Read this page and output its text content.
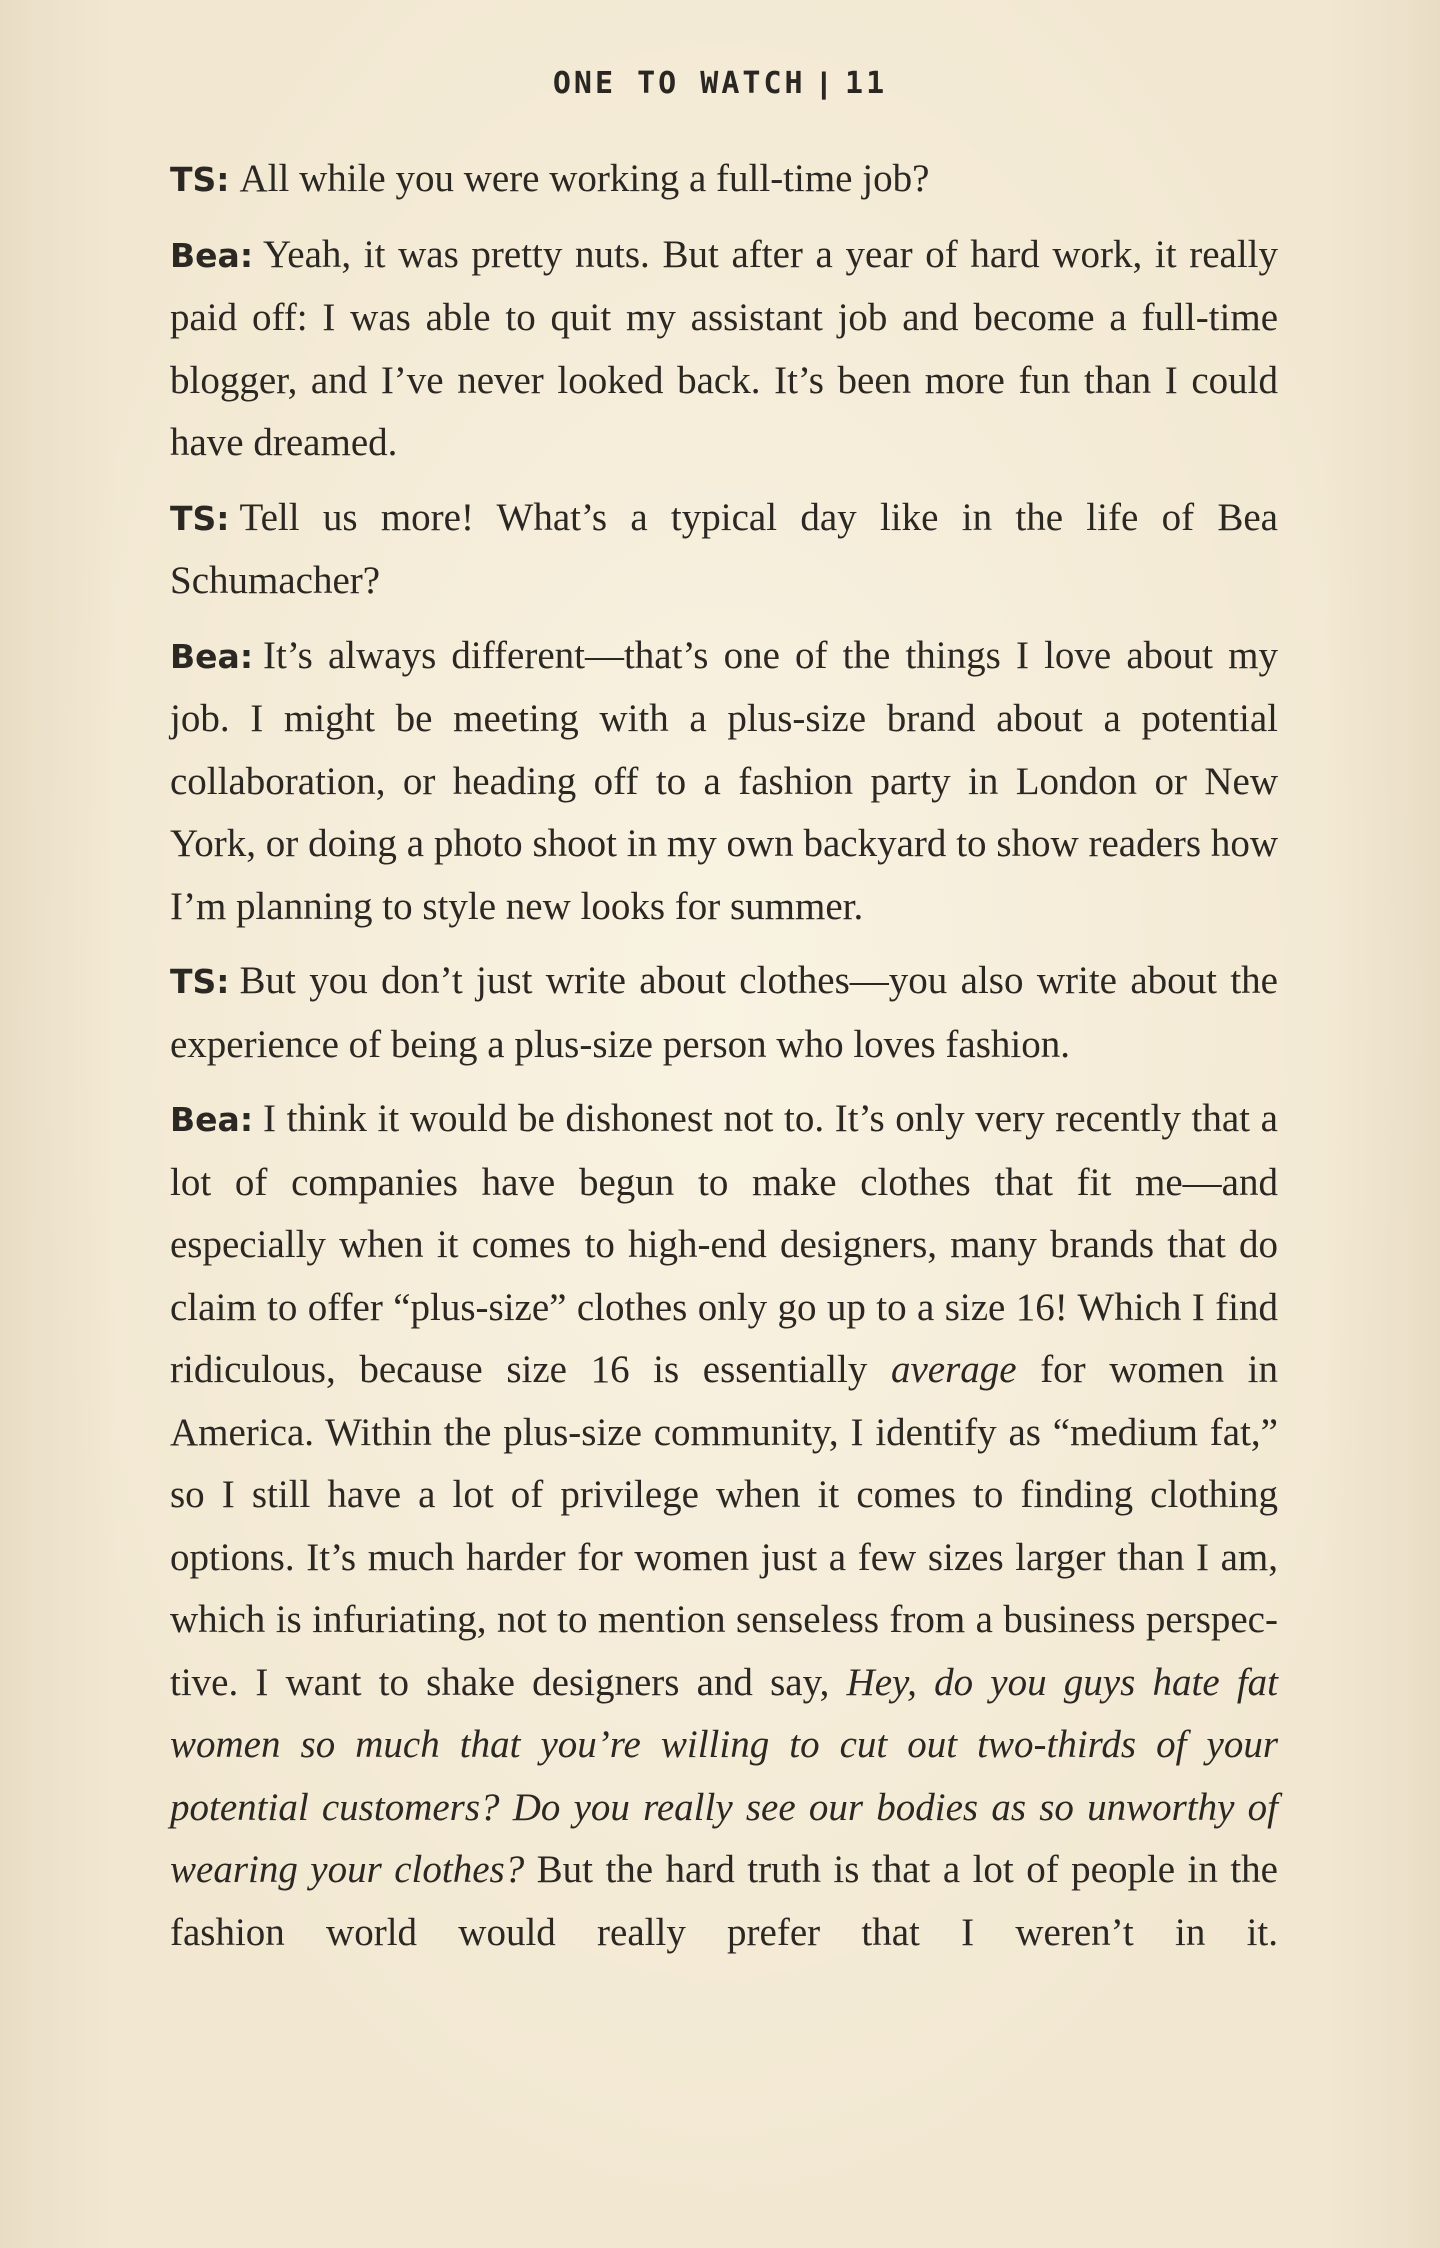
ONE TO WATCH | 11

TS: All while you were working a full-time job?

Bea: Yeah, it was pretty nuts. But after a year of hard work, it really paid off: I was able to quit my assistant job and become a full-time blogger, and I’ve never looked back. It’s been more fun than I could have dreamed.

TS: Tell us more! What’s a typical day like in the life of Bea Schumacher?

Bea: It’s always different—that’s one of the things I love about my job. I might be meeting with a plus-size brand about a potential collaboration, or heading off to a fashion party in London or New York, or doing a photo shoot in my own backyard to show readers how I’m planning to style new looks for summer.

TS: But you don’t just write about clothes—you also write about the experience of being a plus-size person who loves fashion.

Bea: I think it would be dishonest not to. It’s only very recently that a lot of companies have begun to make clothes that fit me—and especially when it comes to high-end designers, many brands that do claim to offer “plus-size” clothes only go up to a size 16! Which I find ridiculous, because size 16 is essentially average for women in America. Within the plus-size community, I identify as “medium fat,” so I still have a lot of privilege when it comes to finding clothing options. It’s much harder for women just a few sizes larger than I am, which is infuriating, not to mention senseless from a business perspective. I want to shake designers and say, Hey, do you guys hate fat women so much that you’re willing to cut out two-thirds of your potential customers? Do you really see our bodies as so unworthy of wearing your clothes? But the hard truth is that a lot of people in the fashion world would really prefer that I weren’t in it.
